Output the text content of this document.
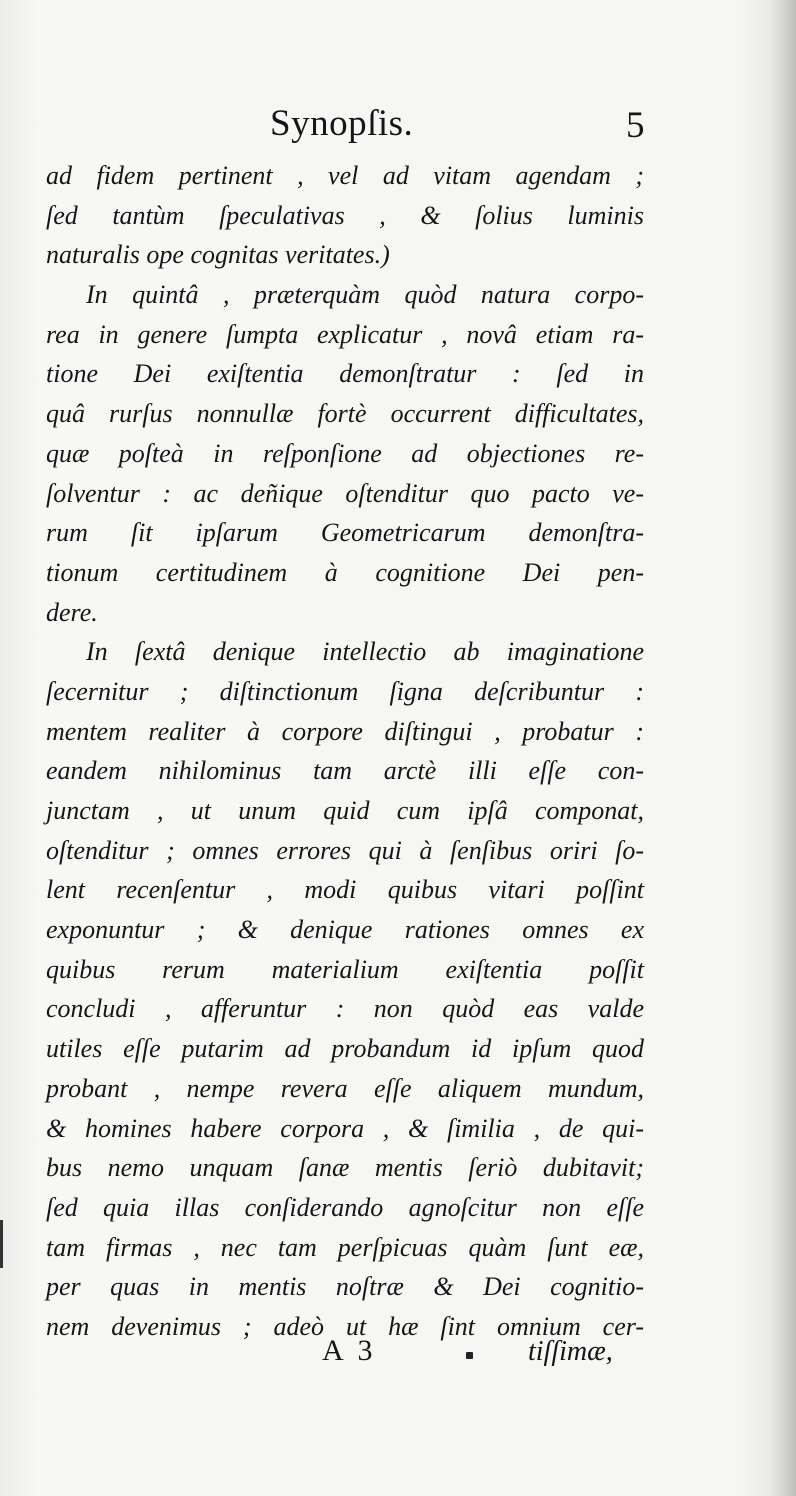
Synopſis.	5
ad fidem pertinent , vel ad vitam agendam ;
ſed tantùm ſpeculativas , & ſolius luminis
naturalis ope cognitas veritates.)
In quintâ , præterquàm quòd natura corpo-
rea in genere ſumpta explicatur , novâ etiam ra-
tione Dei exiſtentia demonſtratur : ſed in
quâ rurſus nonnullæ fortè occurrent difficultates,
quæ poſteà in reſponſione ad objectiones re-
ſolventur : ac deñique oſtenditur quo pacto ve-
rum ſit ipſarum Geometricarum demonſtra-
tionum certitudinem à cognitione Dei pen-
dere.
In ſextâ denique intellectio ab imaginatione
ſecernitur ; diſtinctionum ſigna deſcribuntur :
mentem realiter à corpore diſtingui , probatur :
eandem nihilominus tam arctè illi eſſe con-
junctam , ut unum quid cum ipſâ componat,
oſtenditur ; omnes errores qui à ſenſibus oriri ſo-
lent recenſentur , modi quibus vitari poſſint
exponuntur ; & denique rationes omnes ex
quibus rerum materialium exiſtentia poſſit
concludi , afferuntur : non quòd eas valde
utiles eſſe putarim ad probandum id ipſum quod
probant , nempe revera eſſe aliquem mundum,
& homines habere corpora , & ſimilia , de qui-
bus nemo unquam ſanæ mentis ſeriò dubitavit;
ſed quia illas conſiderando agnoſcitur non eſſe
tam firmas , nec tam perſpicuas quàm ſunt eæ,
per quas in mentis noſtræ & Dei cognitio-
nem devenimus ; adeò ut hæ ſint omnium cer-
A 3	tiſſimæ,
